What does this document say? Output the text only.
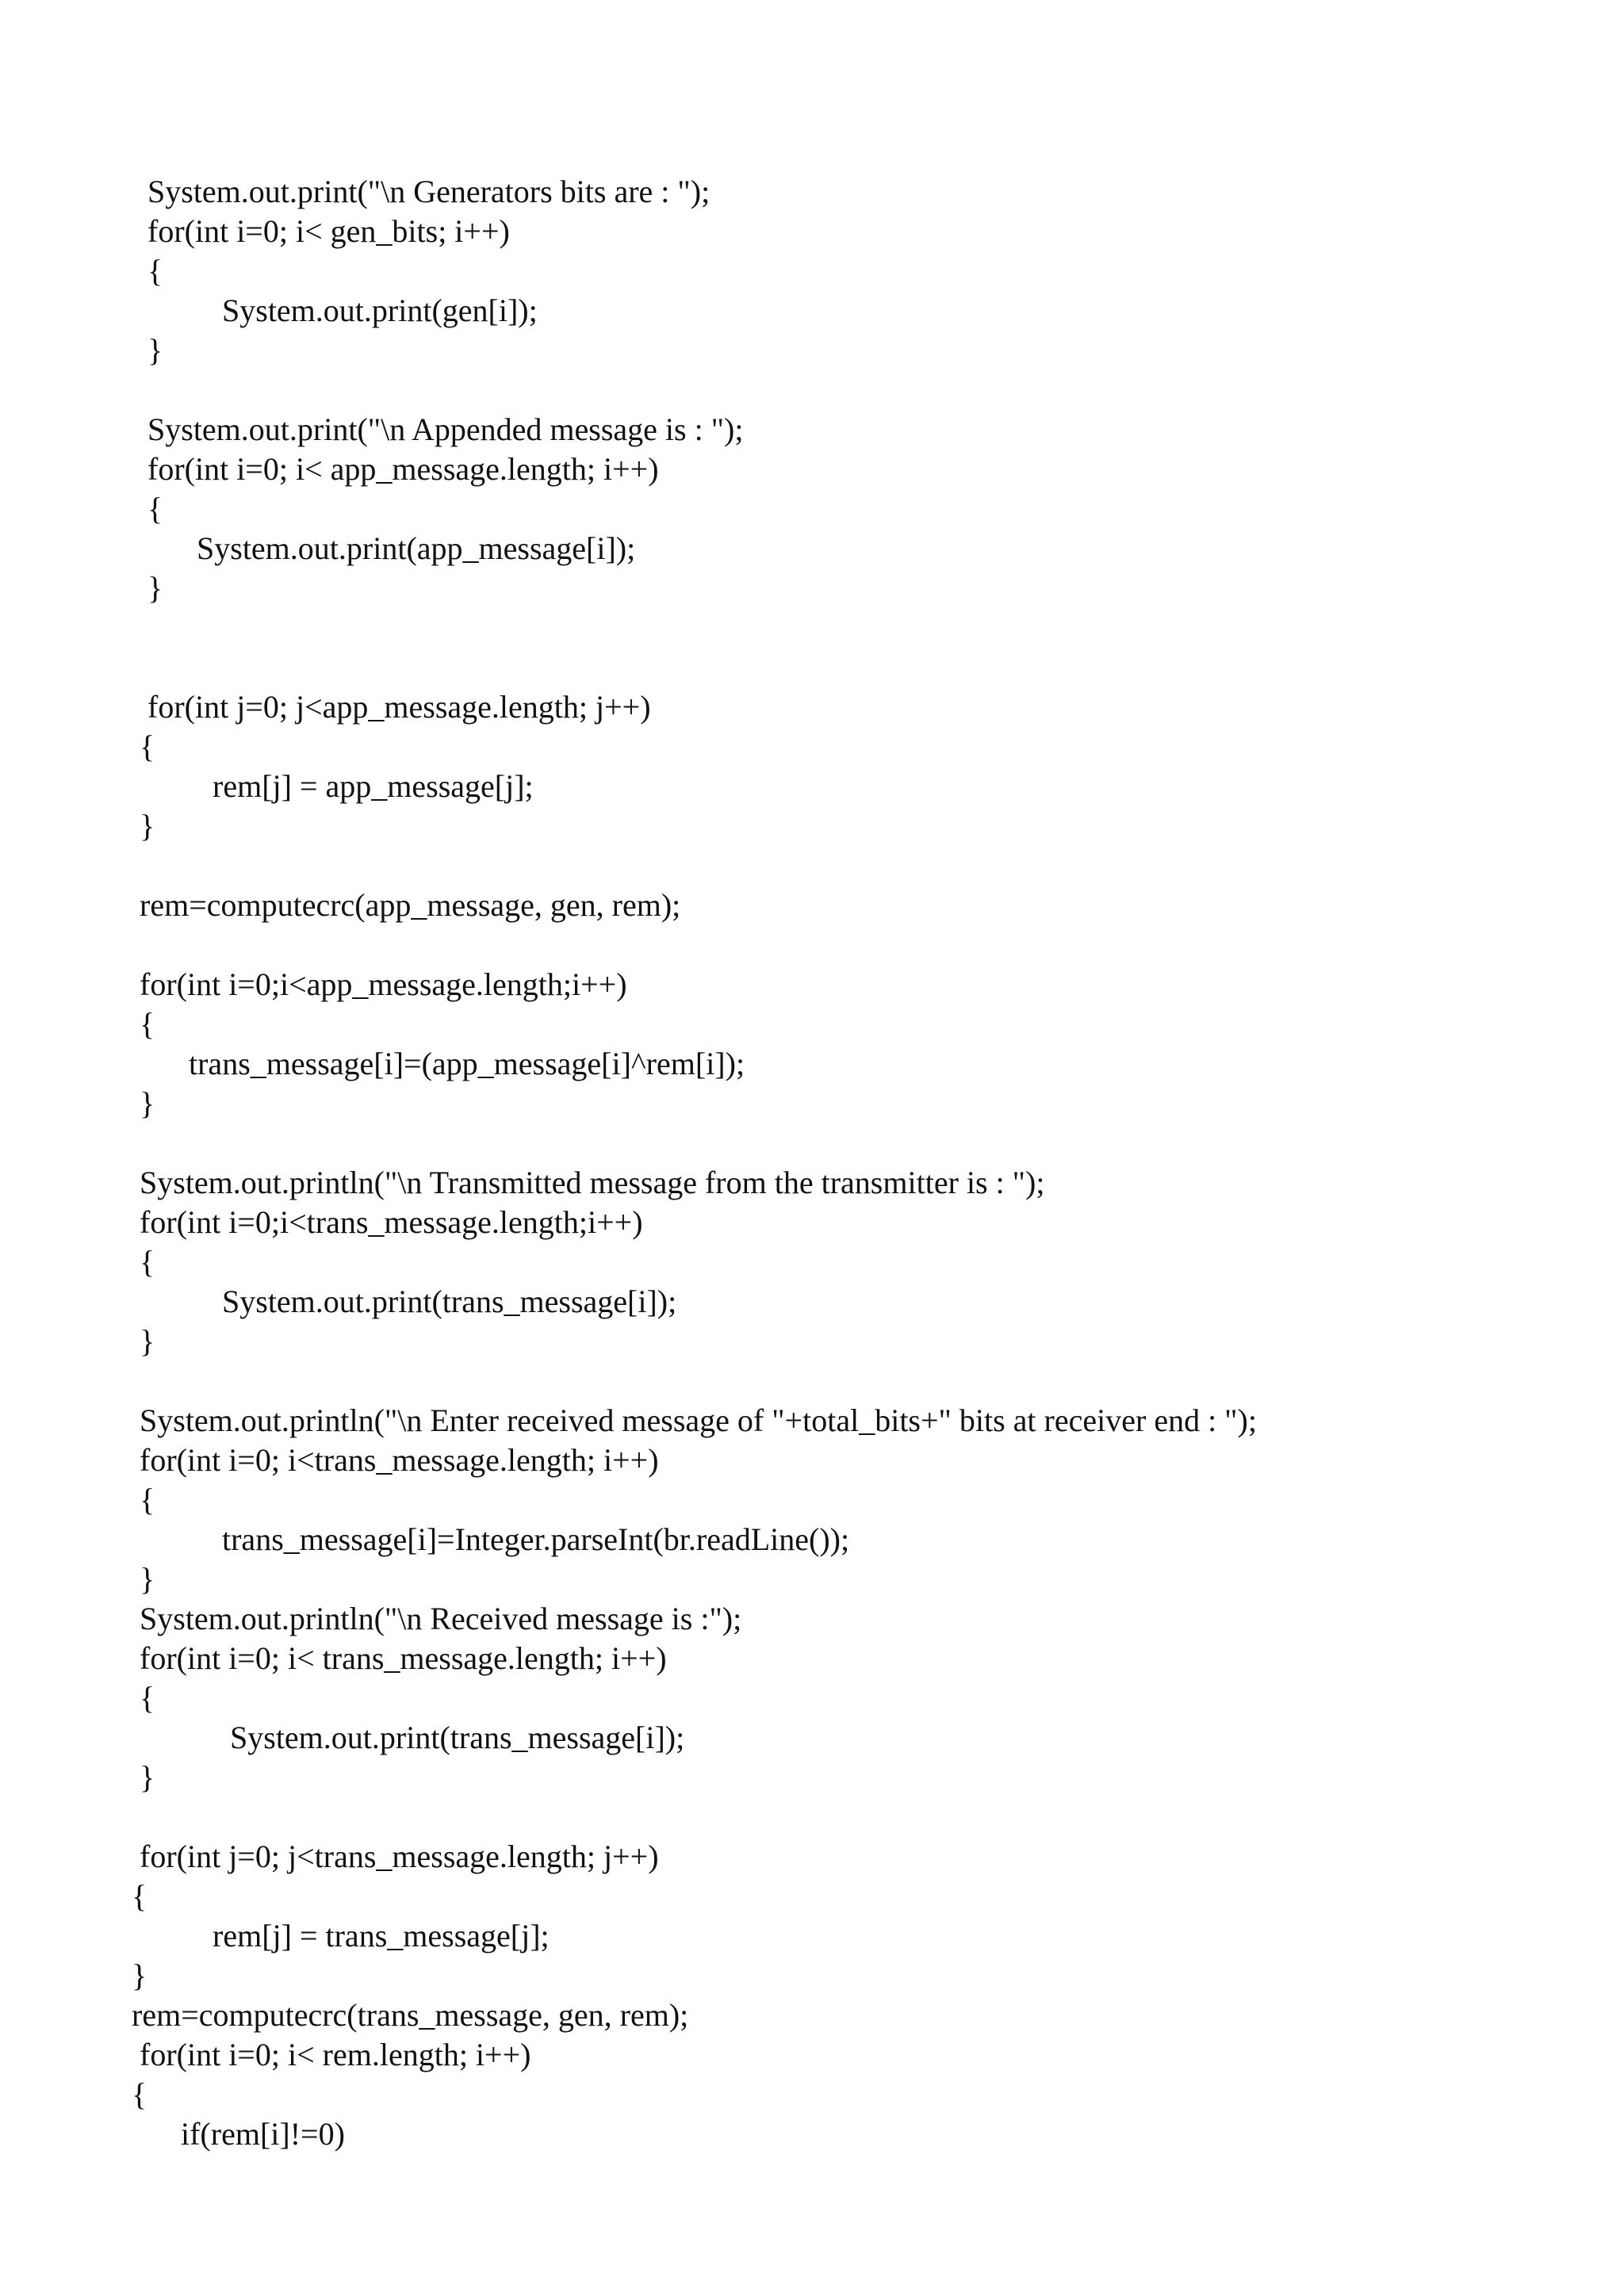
System.out.print("\n Generators bits are : ");
for(int i=0; i< gen_bits; i++)
{
System.out.print(gen[i]);
}
System.out.print("\n Appended message is : ");
for(int i=0; i< app_message.length; i++)
{
System.out.print(app_message[i]);
}
for(int j=0; j<app_message.length; j++)
{
rem[j] = app_message[j];
}
rem=computecrc(app_message, gen, rem);
for(int i=0;i<app_message.length;i++)
{
trans_message[i]=(app_message[i]^rem[i]);
}
System.out.println("\n Transmitted message from the transmitter is : ");
for(int i=0;i<trans_message.length;i++)
{
System.out.print(trans_message[i]);
}
System.out.println("\n Enter received message of "+total_bits+" bits at receiver end : ");
for(int i=0; i<trans_message.length; i++)
{
trans_message[i]=Integer.parseInt(br.readLine());
}
System.out.println("\n Received message is :");
for(int i=0; i< trans_message.length; i++)
{
System.out.print(trans_message[i]);
}
for(int j=0; j<trans_message.length; j++)
{
rem[j] = trans_message[j];
}
rem=computecrc(trans_message, gen, rem);
for(int i=0; i< rem.length; i++)
{
if(rem[i]!=0)
